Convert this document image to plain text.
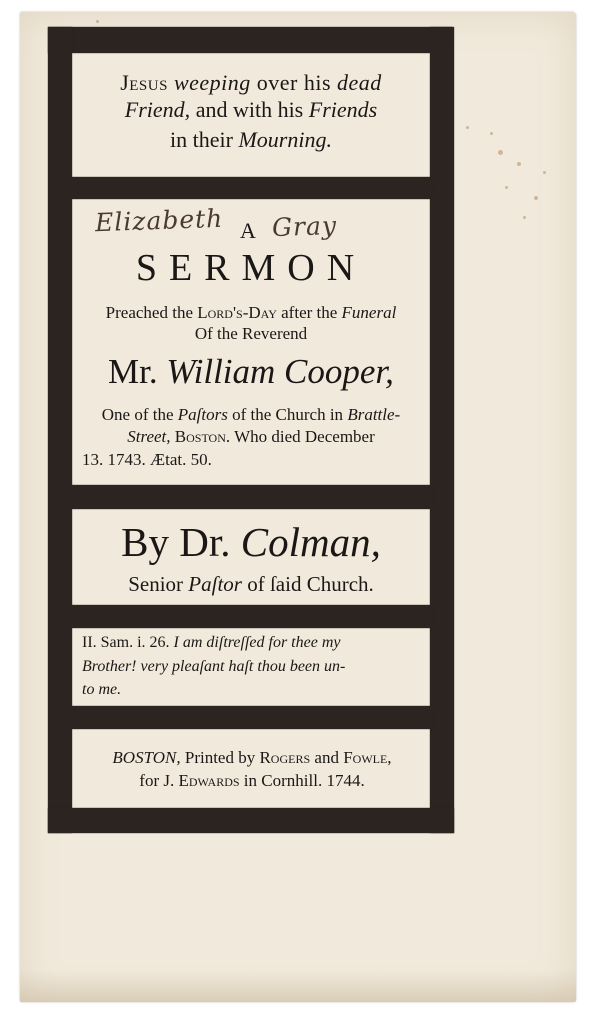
Jesus weeping over his dead
Friend, and with his Friends
in their Mourning.
Elizabeth Gray
A
SERMON
Preached the Lord's-Day after the Funeral
Of the Reverend
Mr. William Cooper,
One of the Paſtors of the Church in Brattle-
Street, Boston. Who died December
13. 1743. Ætat. 50.
By Dr. Colman,
Senior Paſtor of ſaid Church.
II. Sam. i. 26. I am diſtreſſed for thee my
Brother! very pleaſant haſt thou been un-
to me.
BOSTON, Printed by Rogers and Fowle,
for J. Edwards in Cornhill. 1744.
